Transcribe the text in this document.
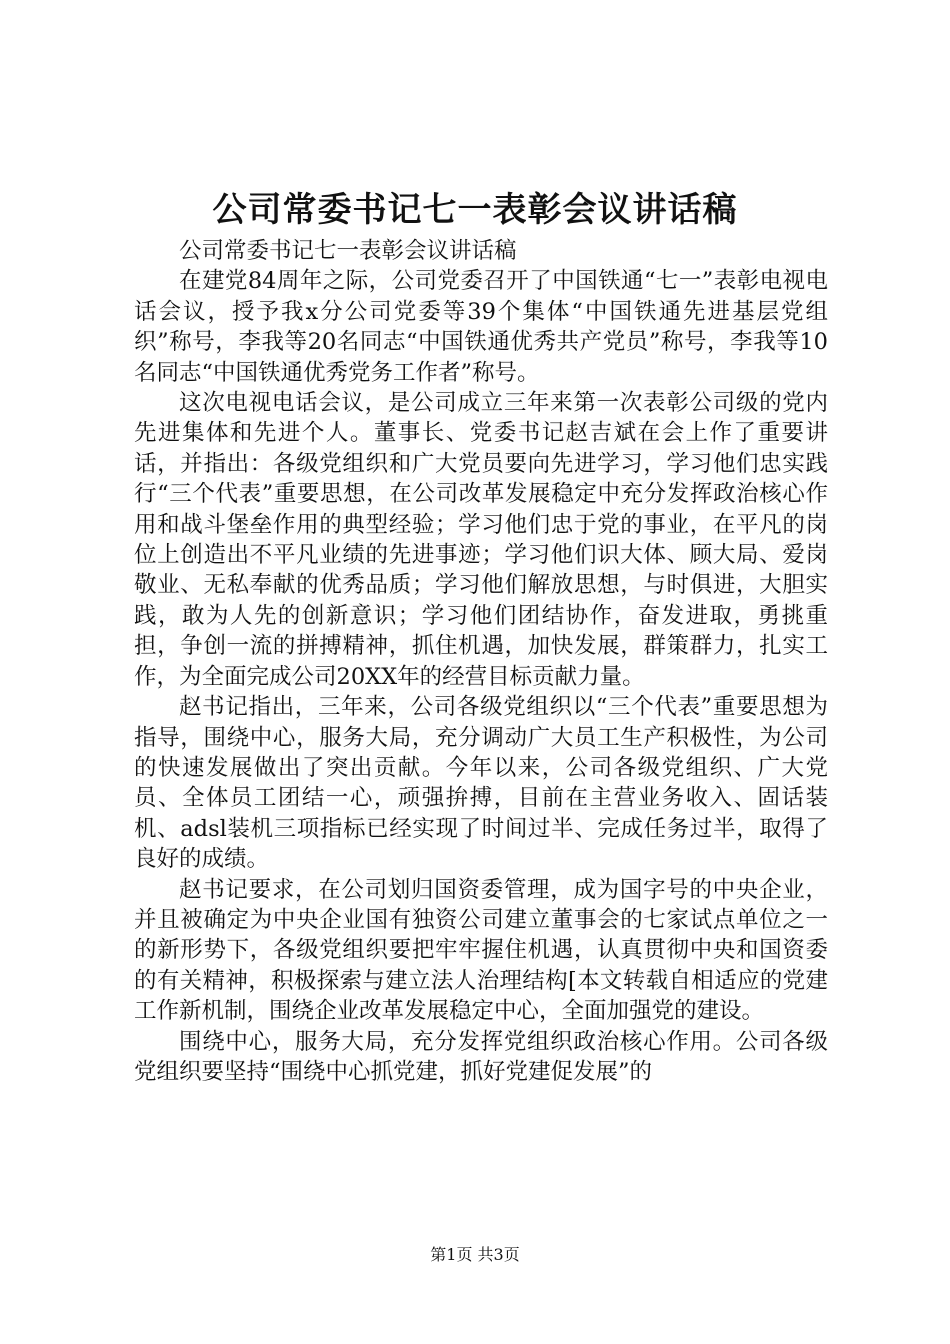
公司常委书记七一表彰会议讲话稿

公司常委书记七一表彰会议讲话稿

在建党84周年之际，公司党委召开了中国铁通“七一”表彰电视电话会议，授予我x分公司党委等39个集体“中国铁通先进基层党组织”称号，李我等20名同志“中国铁通优秀共产党员”称号，李我等10名同志“中国铁通优秀党务工作者”称号。

这次电视电话会议，是公司成立三年来第一次表彰公司级的党内先进集体和先进个人。董事长、党委书记赵吉斌在会上作了重要讲话，并指出：各级党组织和广大党员要向先进学习，学习他们忠实践行“三个代表”重要思想，在公司改革发展稳定中充分发挥政治核心作用和战斗堡垒作用的典型经验；学习他们忠于党的事业，在平凡的岗位上创造出不平凡业绩的先进事迹；学习他们识大体、顾大局、爱岗敬业、无私奉献的优秀品质；学习他们解放思想，与时俱进，大胆实践，敢为人先的创新意识；学习他们团结协作，奋发进取，勇挑重担，争创一流的拼搏精神，抓住机遇，加快发展，群策群力，扎实工作，为全面完成公司20XX年的经营目标贡献力量。

赵书记指出，三年来，公司各级党组织以“三个代表”重要思想为指导，围绕中心，服务大局，充分调动广大员工生产积极性，为公司的快速发展做出了突出贡献。今年以来，公司各级党组织、广大党员、全体员工团结一心，顽强拚搏，目前在主营业务收入、固话装机、adsl装机三项指标已经实现了时间过半、完成任务过半，取得了良好的成绩。

赵书记要求，在公司划归国资委管理，成为国字号的中央企业，并且被确定为中央企业国有独资公司建立董事会的七家试点单位之一的新形势下，各级党组织要把牢牢握住机遇，认真贯彻中央和国资委的有关精神，积极探索与建立法人治理结构[本文转载自相适应的党建工作新机制，围绕企业改革发展稳定中心，全面加强党的建设。

围绕中心，服务大局，充分发挥党组织政治核心作用。公司各级党组织要坚持“围绕中心抓党建，抓好党建促发展”的

第1页 共3页
